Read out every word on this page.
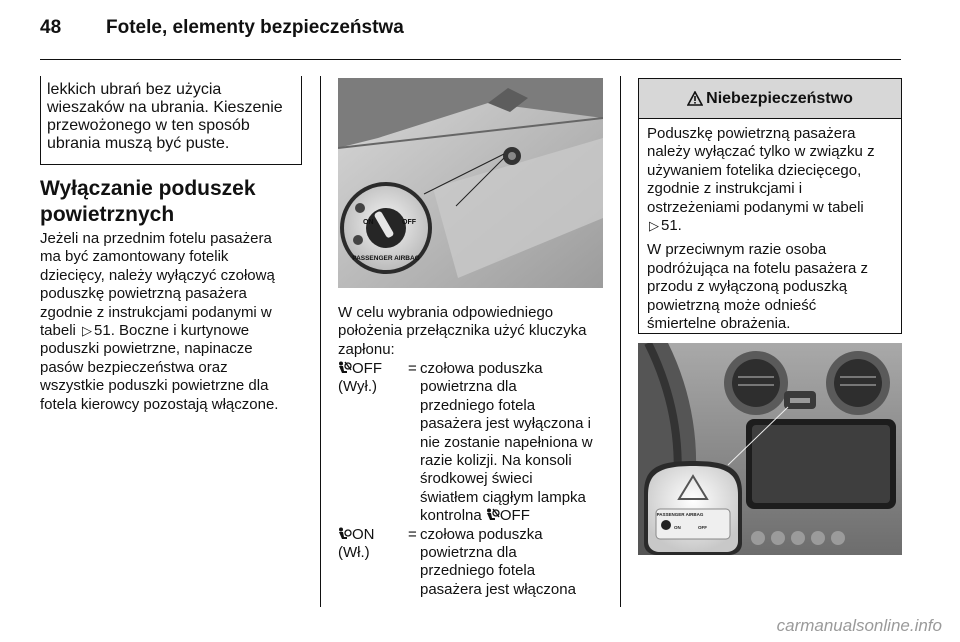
48 Fotele, elementy bezpieczeństwa
lekkich ubrań bez użycia
wieszaków na ubrania. Kieszenie
przewożonego w ten sposób
ubrania muszą być puste.
Wyłączanie poduszek
powietrznych
Jeżeli na przednim fotelu pasażera
ma być zamontowany fotelik
dziecięcy, należy wyłączyć czołową
poduszkę powietrzną pasażera
zgodnie z instrukcjami podanymi w
tabeli ▷ 51. Boczne i kurtynowe
poduszki powietrzne, napinacze
pasów bezpieczeństwa oraz
wszystkie poduszki powietrzne dla
fotela kierowcy pozostają włączone.
ON	OFF
PASSENGER AIRBAG
W celu wybrania odpowiedniego
położenia przełącznika użyć kluczyka
zapłonu:
OFF
(Wył.)
= czołowa poduszka
powietrzna dla
przedniego fotela
pasażera jest wyłączona i
nie zostanie napełniona w
razie kolizji. Na konsoli
środkowej świeci
światłem ciągłym lampka
kontrolna OFF
ON
(Wł.)
= czołowa poduszka
powietrzna dla
przedniego fotela
pasażera jest włączona
Niebezpieczeństwo

Poduszkę powietrzną pasażera
należy wyłączać tylko w związku z
używaniem fotelika dziecięcego,
zgodnie z instrukcjami i
ostrzeżeniami podanymi w tabeli
▷ 51.

W przeciwnym razie osoba
podróżująca na fotelu pasażera z
przodu z wyłączoną poduszką
powietrzną może odnieść
śmiertelne obrażenia.

PASSENGER AIRBAG
ON	OFF
carmanualsonline.info
